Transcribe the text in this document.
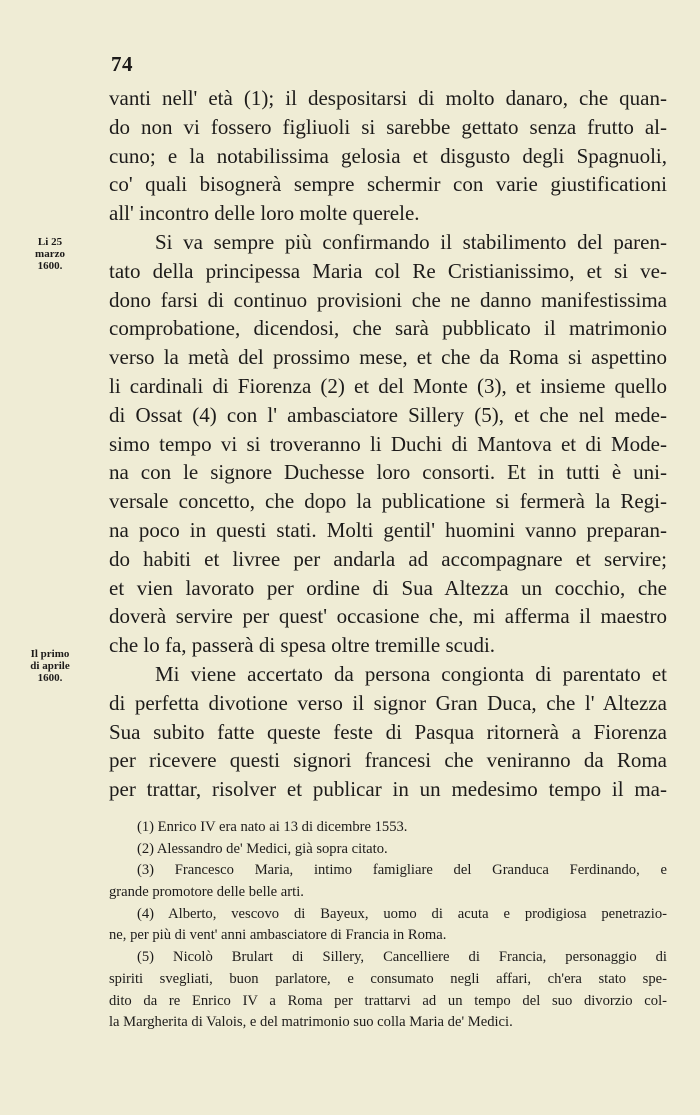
74
Li 25
marzo
1600.
Il primo
di aprile
1600.
vanti nell' età (1); il despositarsi di molto danaro, che quan-
do non vi fossero figliuoli si sarebbe gettato senza frutto al-
cuno; e la notabilissima gelosia et disgusto degli Spagnuoli,
co' quali bisognerà sempre schermir con varie giustificationi
all' incontro delle loro molte querele.
Si va sempre più confirmando il stabilimento del paren-
tato della principessa Maria col Re Cristianissimo, et si ve-
dono farsi di continuo provisioni che ne danno manifestissima
comprobatione, dicendosi, che sarà pubblicato il matrimonio
verso la metà del prossimo mese, et che da Roma si aspettino
li cardinali di Fiorenza (2) et del Monte (3), et insieme quello
di Ossat (4) con l' ambasciatore Sillery (5), et che nel mede-
simo tempo vi si troveranno li Duchi di Mantova et di Mode-
na con le signore Duchesse loro consorti. Et in tutti è uni-
versale concetto, che dopo la publicatione si fermerà la Regi-
na poco in questi stati. Molti gentil' huomini vanno preparan-
do habiti et livree per andarla ad accompagnare et servire;
et vien lavorato per ordine di Sua Altezza un cocchio, che
doverà servire per quest' occasione che, mi afferma il maestro
che lo fa, passerà di spesa oltre tremille scudi.
Mi viene accertato da persona congionta di parentato et
di perfetta divotione verso il signor Gran Duca, che l' Altezza
Sua subito fatte queste feste di Pasqua ritornerà a Fiorenza
per ricevere questi signori francesi che veniranno da Roma
per trattar, risolver et publicar in un medesimo tempo il ma-
(1) Enrico IV era nato ai 13 di dicembre 1553.
(2) Alessandro de' Medici, già sopra citato.
(3) Francesco Maria, intimo famigliare del Granduca Ferdinando, e
grande promotore delle belle arti.
(4) Alberto, vescovo di Bayeux, uomo di acuta e prodigiosa penetrazio-
ne, per più di vent' anni ambasciatore di Francia in Roma.
(5) Nicolò Brulart di Sillery, Cancelliere di Francia, personaggio di
spiriti svegliati, buon parlatore, e consumato negli affari, ch'era stato spe-
dito da re Enrico IV a Roma per trattarvi ad un tempo del suo divorzio col-
la Margherita di Valois, e del matrimonio suo colla Maria de' Medici.
